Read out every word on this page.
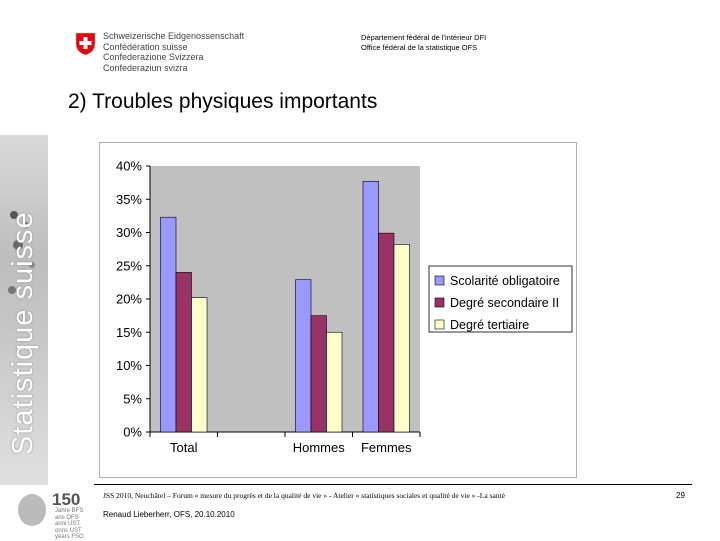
Statistique suisse
Schweizerische Eidgenossenschaft
Confédération suisse
Confederazione Svizzera
Confederaziun svizra
Département fédéral de l'intérieur DFI
Office fédéral de la statistique OFS
2) Troubles physiques importants
0%
5%
10%
15%
20%
25%
30%
35%
40%
Total	Hommes Femmes
Scolarité obligatoire
Degré secondaire II
Degré tertiaire
JSS 2010, Neuchâtel – Forum « mesure du progrès et de la qualité de vie » - Atelier « statistiques sociales et qualité de vie » -La santé
Renaud Lieberherr, OFS, 20.10.2010
29
150
Jahre BFS
ans OFS
anni UST
onns UST
years FSO
